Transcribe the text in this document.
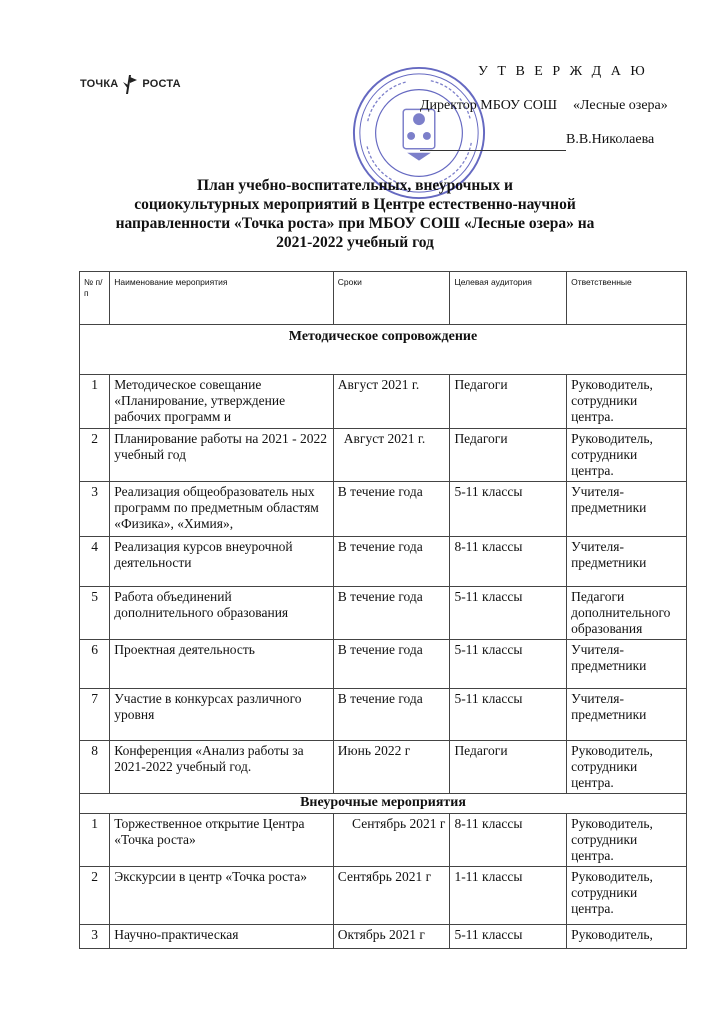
ТОЧКА РОСТА
У Т В Е Р Ж Д А Ю
Директор МБОУ СОШ «Лесные озера»
В.В.Николаева
План учебно-воспитательных, внеурочных и
социокультурных мероприятий в Центре естественно-научной
направленности «Точка роста» при МБОУ СОШ «Лесные озера» на
2021-2022 учебный год
№ п/п	Наименование мероприятия	Сроки	Целевая аудитория	Ответственные
Методическое сопровождение				
1	Методическое совещание «Планирование, утверждение рабочих программ и	Август 2021 г.	Педагоги	Руководитель, сотрудники центра.
2	Планирование работы на 2021 - 2022 учебный год	Август 2021 г.	Педагоги	Руководитель, сотрудники центра.
3	Реализация общеобразователь ных программ по предметным областям «Физика», «Химия»,	В течение года	5-11 классы	Учителя-предметники
4	Реализация курсов внеурочной деятельности	В течение года	8-11 классы	Учителя-предметники
5	Работа объединений дополнительного образования	В течение года	5-11 классы	Педагоги дополнительного образования
6	Проектная деятельность	В течение года	5-11 классы	Учителя-предметники
7	Участие в конкурсах различного уровня	В течение года	5-11 классы	Учителя-предметники
8	Конференция «Анализ работы за 2021-2022 учебный год.	Июнь 2022 г	Педагоги	Руководитель, сотрудники центра.
Внеурочные мероприятия				
1	Торжественное открытие Центра «Точка роста»	Сентябрь 2021 г	8-11 классы	Руководитель, сотрудники центра.
2	Экскурсии в центр «Точка роста»	Сентябрь 2021 г	1-11 классы	Руководитель, сотрудники центра.
3	Научно-практическая	Октябрь 2021 г	5-11 классы	Руководитель,
